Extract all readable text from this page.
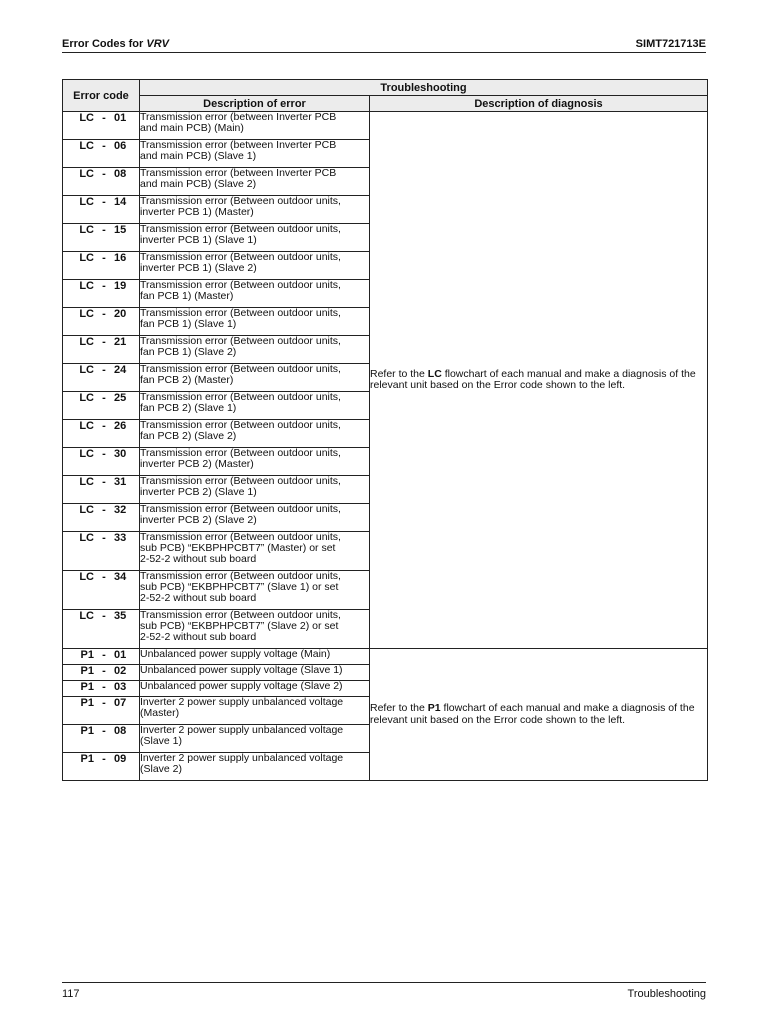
Error Codes for VRV	SIMT721713E
Error code	Troubleshooting	
	Description of error	Description of diagnosis

LC - 01	Transmission error (between Inverter PCB
and main PCB) (Main)	Refer to the LC flowchart of each manual and make a diagnosis of the relevant unit based on the Error code shown to the left.

LC - 06	Transmission error (between Inverter PCB
and main PCB) (Slave 1)	

LC - 08	Transmission error (between Inverter PCB
and main PCB) (Slave 2)	

LC - 14	Transmission error (Between outdoor units,
inverter PCB 1) (Master)	

LC - 15	Transmission error (Between outdoor units,
inverter PCB 1) (Slave 1)	

LC - 16	Transmission error (Between outdoor units,
inverter PCB 1) (Slave 2)	

LC - 19	Transmission error (Between outdoor units,
fan PCB 1) (Master)	

LC - 20	Transmission error (Between outdoor units,
fan PCB 1) (Slave 1)	

LC - 21	Transmission error (Between outdoor units,
fan PCB 1) (Slave 2)	

LC - 24	Transmission error (Between outdoor units,
fan PCB 2) (Master)	

LC - 25	Transmission error (Between outdoor units,
fan PCB 2) (Slave 1)	

LC - 26	Transmission error (Between outdoor units,
fan PCB 2) (Slave 2)	

LC - 30	Transmission error (Between outdoor units,
inverter PCB 2) (Master)	

LC - 31	Transmission error (Between outdoor units,
inverter PCB 2) (Slave 1)	

LC - 32	Transmission error (Between outdoor units,
inverter PCB 2) (Slave 2)	

LC - 33	Transmission error (Between outdoor units,
sub PCB) “EKBPHPCBT7” (Master) or set
2-52-2 without sub board	

LC - 34	Transmission error (Between outdoor units,
sub PCB) “EKBPHPCBT7” (Slave 1) or set
2-52-2 without sub board	

LC - 35	Transmission error (Between outdoor units,
sub PCB) “EKBPHPCBT7” (Slave 2) or set
2-52-2 without sub board	

P1 - 01	Unbalanced power supply voltage (Main)	Refer to the P1 flowchart of each manual and make a diagnosis of the relevant unit based on the Error code shown to the left.

P1 - 02	Unbalanced power supply voltage (Slave 1)	

P1 - 03	Unbalanced power supply voltage (Slave 2)	

P1 - 07	Inverter 2 power supply unbalanced voltage
(Master)	

P1 - 08	Inverter 2 power supply unbalanced voltage
(Slave 1)	

P1 - 09	Inverter 2 power supply unbalanced voltage
(Slave 2)	
117	Troubleshooting
